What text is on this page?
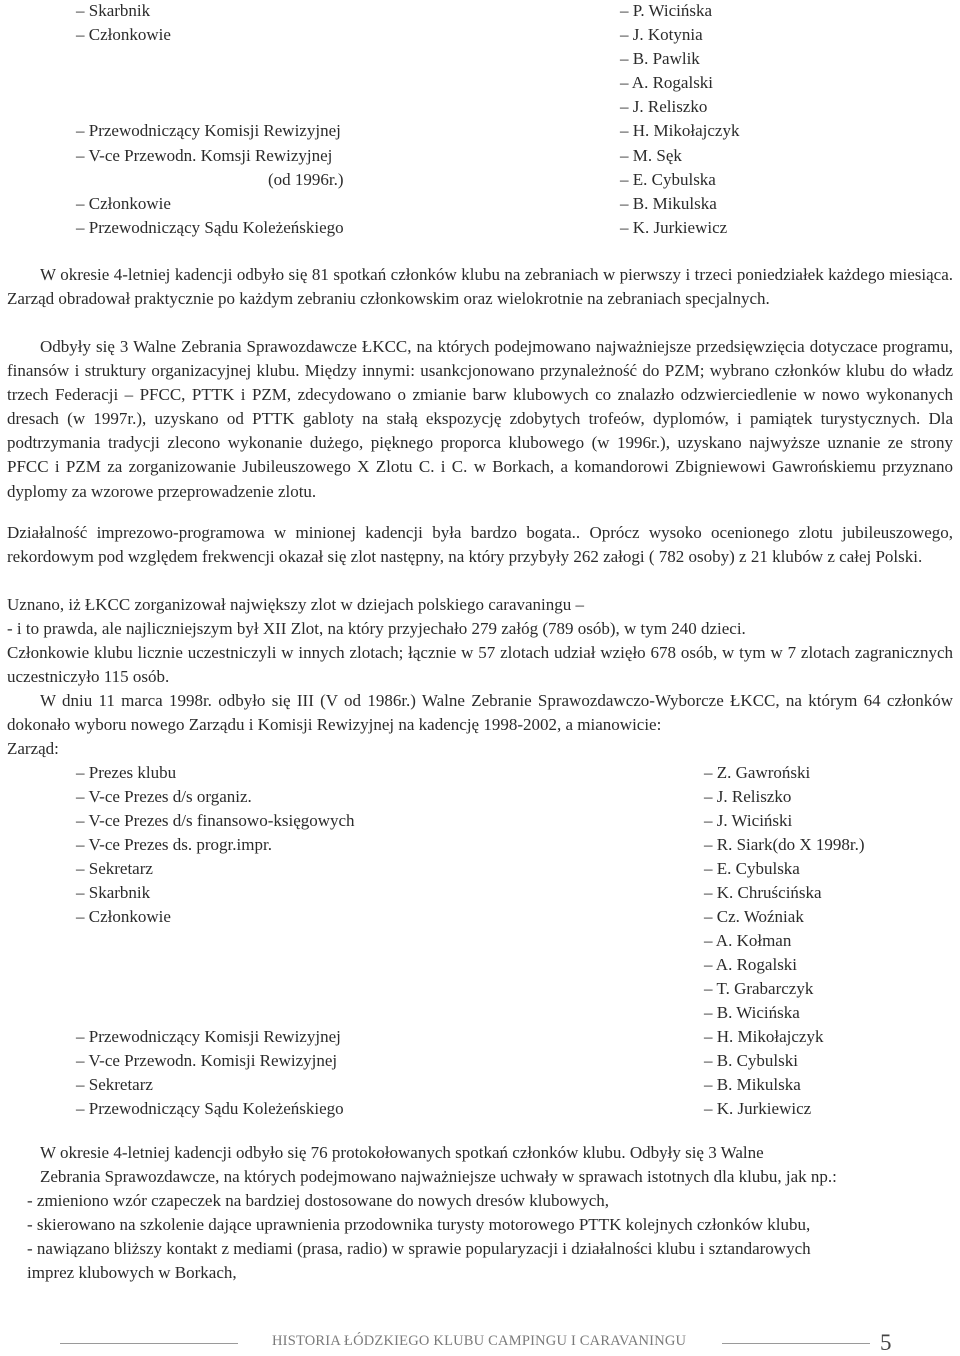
– Skarbnik	– P. Wicińska
– Członkowie	– J. Kotynia
– B. Pawlik
– A. Rogalski
– J. Reliszko
– Przewodniczący Komisji Rewizyjnej	– H. Mikołajczyk
– V-ce Przewodn. Komsji Rewizyjnej	– M. Sęk
(od 1996r.)	– E. Cybulska
– Członkowie	– B. Mikulska
– Przewodniczący Sądu Koleżeńskiego	– K. Jurkiewicz
W okresie 4-letniej kadencji odbyło się 81 spotkań członków klubu na zebraniach w pierwszy i trzeci poniedziałek każdego miesiąca. Zarząd obradował praktycznie po każdym zebraniu członkowskim oraz wielokrotnie na zebraniach specjalnych.
Odbyły się 3 Walne Zebrania Sprawozdawcze ŁKCC, na których podejmowano najważniejsze przedsięwzięcia dotyczace programu, finansów i struktury organizacyjnej klubu. Między innymi: usankcjonowano przynależność do PZM; wybrano członków klubu do władz trzech Federacji – PFCC, PTTK i PZM, zdecydowano o zmianie barw klubowych co znalazło odzwierciedlenie w nowo wykonanych dresach (w 1997r.), uzyskano od PTTK gabloty na stałą ekspozycję zdobytych trofeów, dyplomów, i pamiątek turystycznych. Dla podtrzymania tradycji zlecono wykonanie dużego, pięknego proporca klubowego (w 1996r.), uzyskano najwyższe uznanie ze strony PFCC i PZM za zorganizowanie Jubileuszowego X Zlotu C. i C. w Borkach, a komandorowi Zbigniewowi Gawrońskiemu przyznano dyplomy za wzorowe przeprowadzenie zlotu.
Działalność imprezowo-programowa w minionej kadencji była bardzo bogata.. Oprócz wysoko ocenionego zlotu jubileuszowego, rekordowym pod względem frekwencji okazał się zlot następny, na który przybyły 262 załogi ( 782 osoby) z 21 klubów z całej Polski.
Uznano, iż ŁKCC zorganizował największy zlot w dziejach polskiego caravaningu –
- i to prawda, ale najliczniejszym był XII Zlot, na który przyjechało 279 załóg (789 osób), w tym 240 dzieci.
Członkowie klubu licznie uczestniczyli w innych zlotach; łącznie w 57 zlotach udział wzięło 678 osób, w tym w 7 zlotach zagranicznych uczestniczyło 115 osób.
W dniu 11 marca 1998r. odbyło się III (V od 1986r.) Walne Zebranie Sprawozdawczo-Wyborcze ŁKCC, na którym 64 członków dokonało wyboru nowego Zarządu i Komisji Rewizyjnej na kadencję 1998-2002, a mianowicie:
Zarząd:
– Prezes klubu	– Z. Gawroński
– V-ce Prezes d/s organiz.	– J. Reliszko
– V-ce Prezes d/s finansowo-księgowych	– J. Wiciński
– V-ce Prezes ds. progr.impr.	– R. Siark(do X 1998r.)
– Sekretarz	– E. Cybulska
– Skarbnik	– K. Chruścińska
– Członkowie	– Cz. Woźniak
– A. Kołman
– A. Rogalski
– T. Grabarczyk
– B. Wicińska
– Przewodniczący Komisji Rewizyjnej	– H. Mikołajczyk
– V-ce Przewodn. Komisji Rewizyjnej	– B. Cybulski
– Sekretarz	– B. Mikulska
– Przewodniczący Sądu Koleżeńskiego	– K. Jurkiewicz
W okresie 4-letniej kadencji odbyło się 76 protokołowanych spotkań członków klubu. Odbyły się 3 Walne
Zebrania Sprawozdawcze, na których podejmowano najważniejsze uchwały w sprawach istotnych dla klubu, jak np.:
- zmieniono wzór czapeczek na bardziej dostosowane do nowych dresów klubowych,
- skierowano na szkolenie dające uprawnienia przodownika turysty motorowego PTTK kolejnych członków klubu,
- nawiązano bliższy kontakt z mediami (prasa, radio) w sprawie popularyzacji i działalności klubu i sztandarowych
imprez klubowych w Borkach,
HISTORIA ŁÓDZKIEGO KLUBU CAMPINGU I CARAVANINGU	5
